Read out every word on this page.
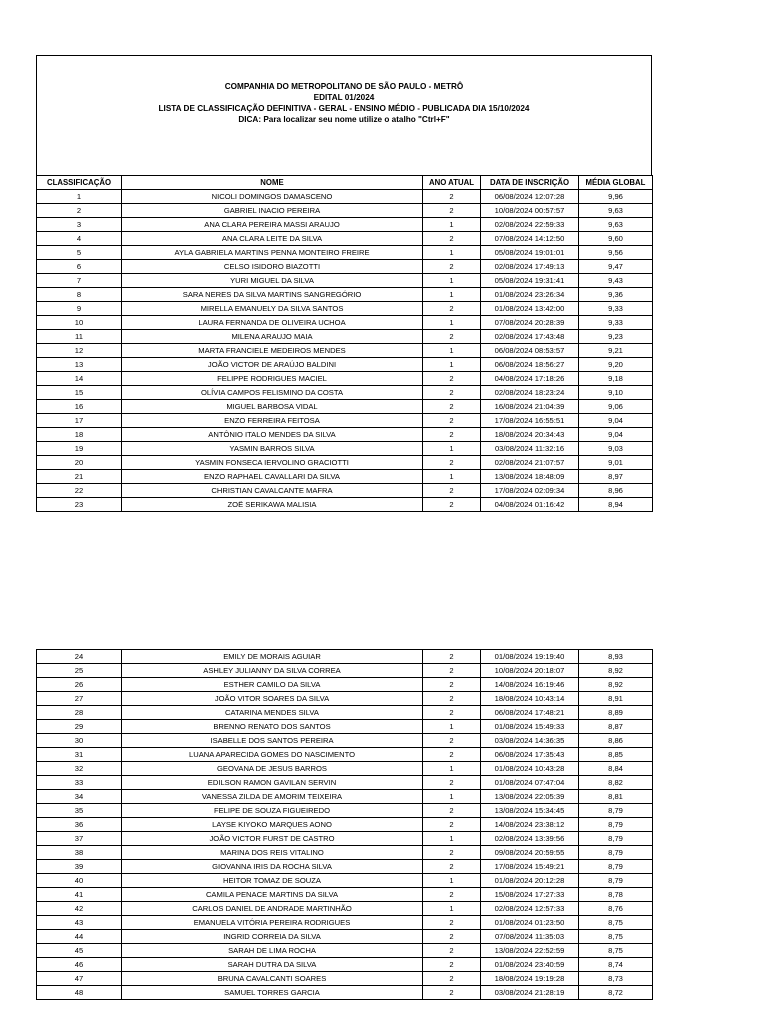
COMPANHIA DO METROPOLITANO DE SÃO PAULO - METRÔ
EDITAL 01/2024
LISTA DE CLASSIFICAÇÃO DEFINITIVA - GERAL - ENSINO MÉDIO - PUBLICADA DIA 15/10/2024
DICA: Para localizar seu nome utilize o atalho "Ctrl+F"
CLASSIFICAÇÃO	NOME	ANO ATUAL	DATA DE INSCRIÇÃO	MÉDIA GLOBAL
1	NICOLI DOMINGOS DAMASCENO	2	06/08/2024 12:07:28	9,96
2	GABRIEL INACIO PEREIRA	2	10/08/2024 00:57:57	9,63
3	ANA CLARA PEREIRA MASSI ARAUJO	1	02/08/2024 22:59:33	9,63
4	ANA CLARA LEITE DA SILVA	2	07/08/2024 14:12:50	9,60
5	AYLA GABRIELA MARTINS PENNA MONTEIRO FREIRE	1	05/08/2024 19:01:01	9,56
6	CELSO ISIDORO BIAZOTTI	2	02/08/2024 17:49:13	9,47
7	YURI MIGUEL DA SILVA	1	05/08/2024 19:31:41	9,43
8	SARA NERES DA SILVA MARTINS SANGREGÓRIO	1	01/08/2024 23:26:34	9,36
9	MIRELLA EMANUELY DA SILVA SANTOS	2	01/08/2024 13:42:00	9,33
10	LAURA FERNANDA DE OLIVEIRA UCHOA	1	07/08/2024 20:28:39	9,33
11	MILENA ARAUJO MAIA	2	02/08/2024 17:43:48	9,23
12	MARTA FRANCIELE MEDEIROS MENDES	1	06/08/2024 08:53:57	9,21
13	JOÃO VICTOR DE ARAÚJO BALDINI	1	06/08/2024 18:56:27	9,20
14	FELIPPE RODRIGUES MACIEL	2	04/08/2024 17:18:26	9,18
15	OLÍVIA CAMPOS FELISMINO DA COSTA	2	02/08/2024 18:23:24	9,10
16	MIGUEL BARBOSA VIDAL	2	16/08/2024 21:04:39	9,06
17	ENZO FERREIRA FEITOSA	2	17/08/2024 16:55:51	9,04
18	ANTÔNIO ITALO MENDES DA SILVA	2	18/08/2024 20:34:43	9,04
19	YASMIN BARROS SILVA	1	03/08/2024 11:32:16	9,03
20	YASMIN FONSECA IERVOLINO GRACIOTTI	2	02/08/2024 21:07:57	9,01
21	ENZO RAPHAEL CAVALLARI DA SILVA	1	13/08/2024 18:48:09	8,97
22	CHRISTIAN CAVALCANTE MAFRA	2	17/08/2024 02:09:34	8,96
23	ZOË SERIKAWA MALISIA	2	04/08/2024 01:16:42	8,94
24	EMILY DE MORAIS AGUIAR	2	01/08/2024 19:19:40	8,93
25	ASHLEY JULIANNY DA SILVA CORREA	2	10/08/2024 20:18:07	8,92
26	ESTHER CAMILO DA SILVA	2	14/08/2024 16:19:46	8,92
27	JOÃO VITOR SOARES DA SILVA	2	18/08/2024 10:43:14	8,91
28	CATARINA MENDES SILVA	2	06/08/2024 17:48:21	8,89
29	BRENNO RENATO DOS SANTOS	1	01/08/2024 15:49:33	8,87
30	ISABELLE DOS SANTOS PEREIRA	2	03/08/2024 14:36:35	8,86
31	LUANA APARECIDA GOMES DO NASCIMENTO	2	06/08/2024 17:35:43	8,85
32	GEOVANA DE JESUS BARROS	1	01/08/2024 10:43:28	8,84
33	EDILSON RAMON GAVILAN SERVIN	2	01/08/2024 07:47:04	8,82
34	VANESSA ZILDA DE AMORIM TEIXEIRA	1	13/08/2024 22:05:39	8,81
35	FELIPE DE SOUZA FIGUEIREDO	2	13/08/2024 15:34:45	8,79
36	LAYSE KIYOKO MARQUES AONO	2	14/08/2024 23:38:12	8,79
37	JOÃO VICTOR FURST DE CASTRO	1	02/08/2024 13:39:56	8,79
38	MARINA DOS REIS VITALINO	2	09/08/2024 20:59:55	8,79
39	GIOVANNA IRIS DA ROCHA SILVA	2	17/08/2024 15:49:21	8,79
40	HEITOR TOMAZ DE SOUZA	1	01/08/2024 20:12:28	8,79
41	CAMILA PENACE MARTINS DA SILVA	2	15/08/2024 17:27:33	8,78
42	CARLOS DANIEL DE ANDRADE MARTINHÃO	1	02/08/2024 12:57:33	8,76
43	EMANUELA VITÓRIA PEREIRA RODRIGUES	2	01/08/2024 01:23:50	8,75
44	INGRID CORREIA DA SILVA	2	07/08/2024 11:35:03	8,75
45	SARAH DE LIMA ROCHA	2	13/08/2024 22:52:59	8,75
46	SARAH DUTRA DA SILVA	2	01/08/2024 23:40:59	8,74
47	BRUNA CAVALCANTI SOARES	2	18/08/2024 19:19:28	8,73
48	SAMUEL TORRES GARCIA	2	03/08/2024 21:28:19	8,72
